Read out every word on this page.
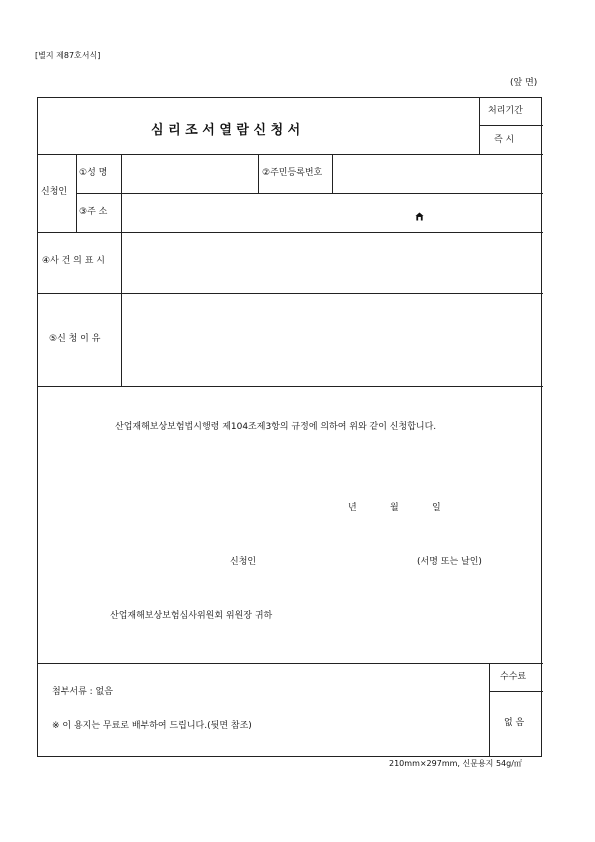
[별지 제87호서식]
(앞 면)
심 리 조 서 열 람 신 청 서
처리기간
즉 시
신청인
①성 명	②주민등록번호
③주 소
④사 건 의 표 시
⑤신 청 이 유
산업재해보상보험법시행령 제104조제3항의 규정에 의하여 위와 같이 신청합니다.
년	월	일
신청인	(서명 또는 날인)
산업재해보상보험심사위원회 위원장 귀하
첨부서류 : 없음
※ 이 용지는 무료로 배부하여 드립니다.(뒷면 참조)
수수료
없 음
210mm×297mm, 신문용지 54g/㎡
